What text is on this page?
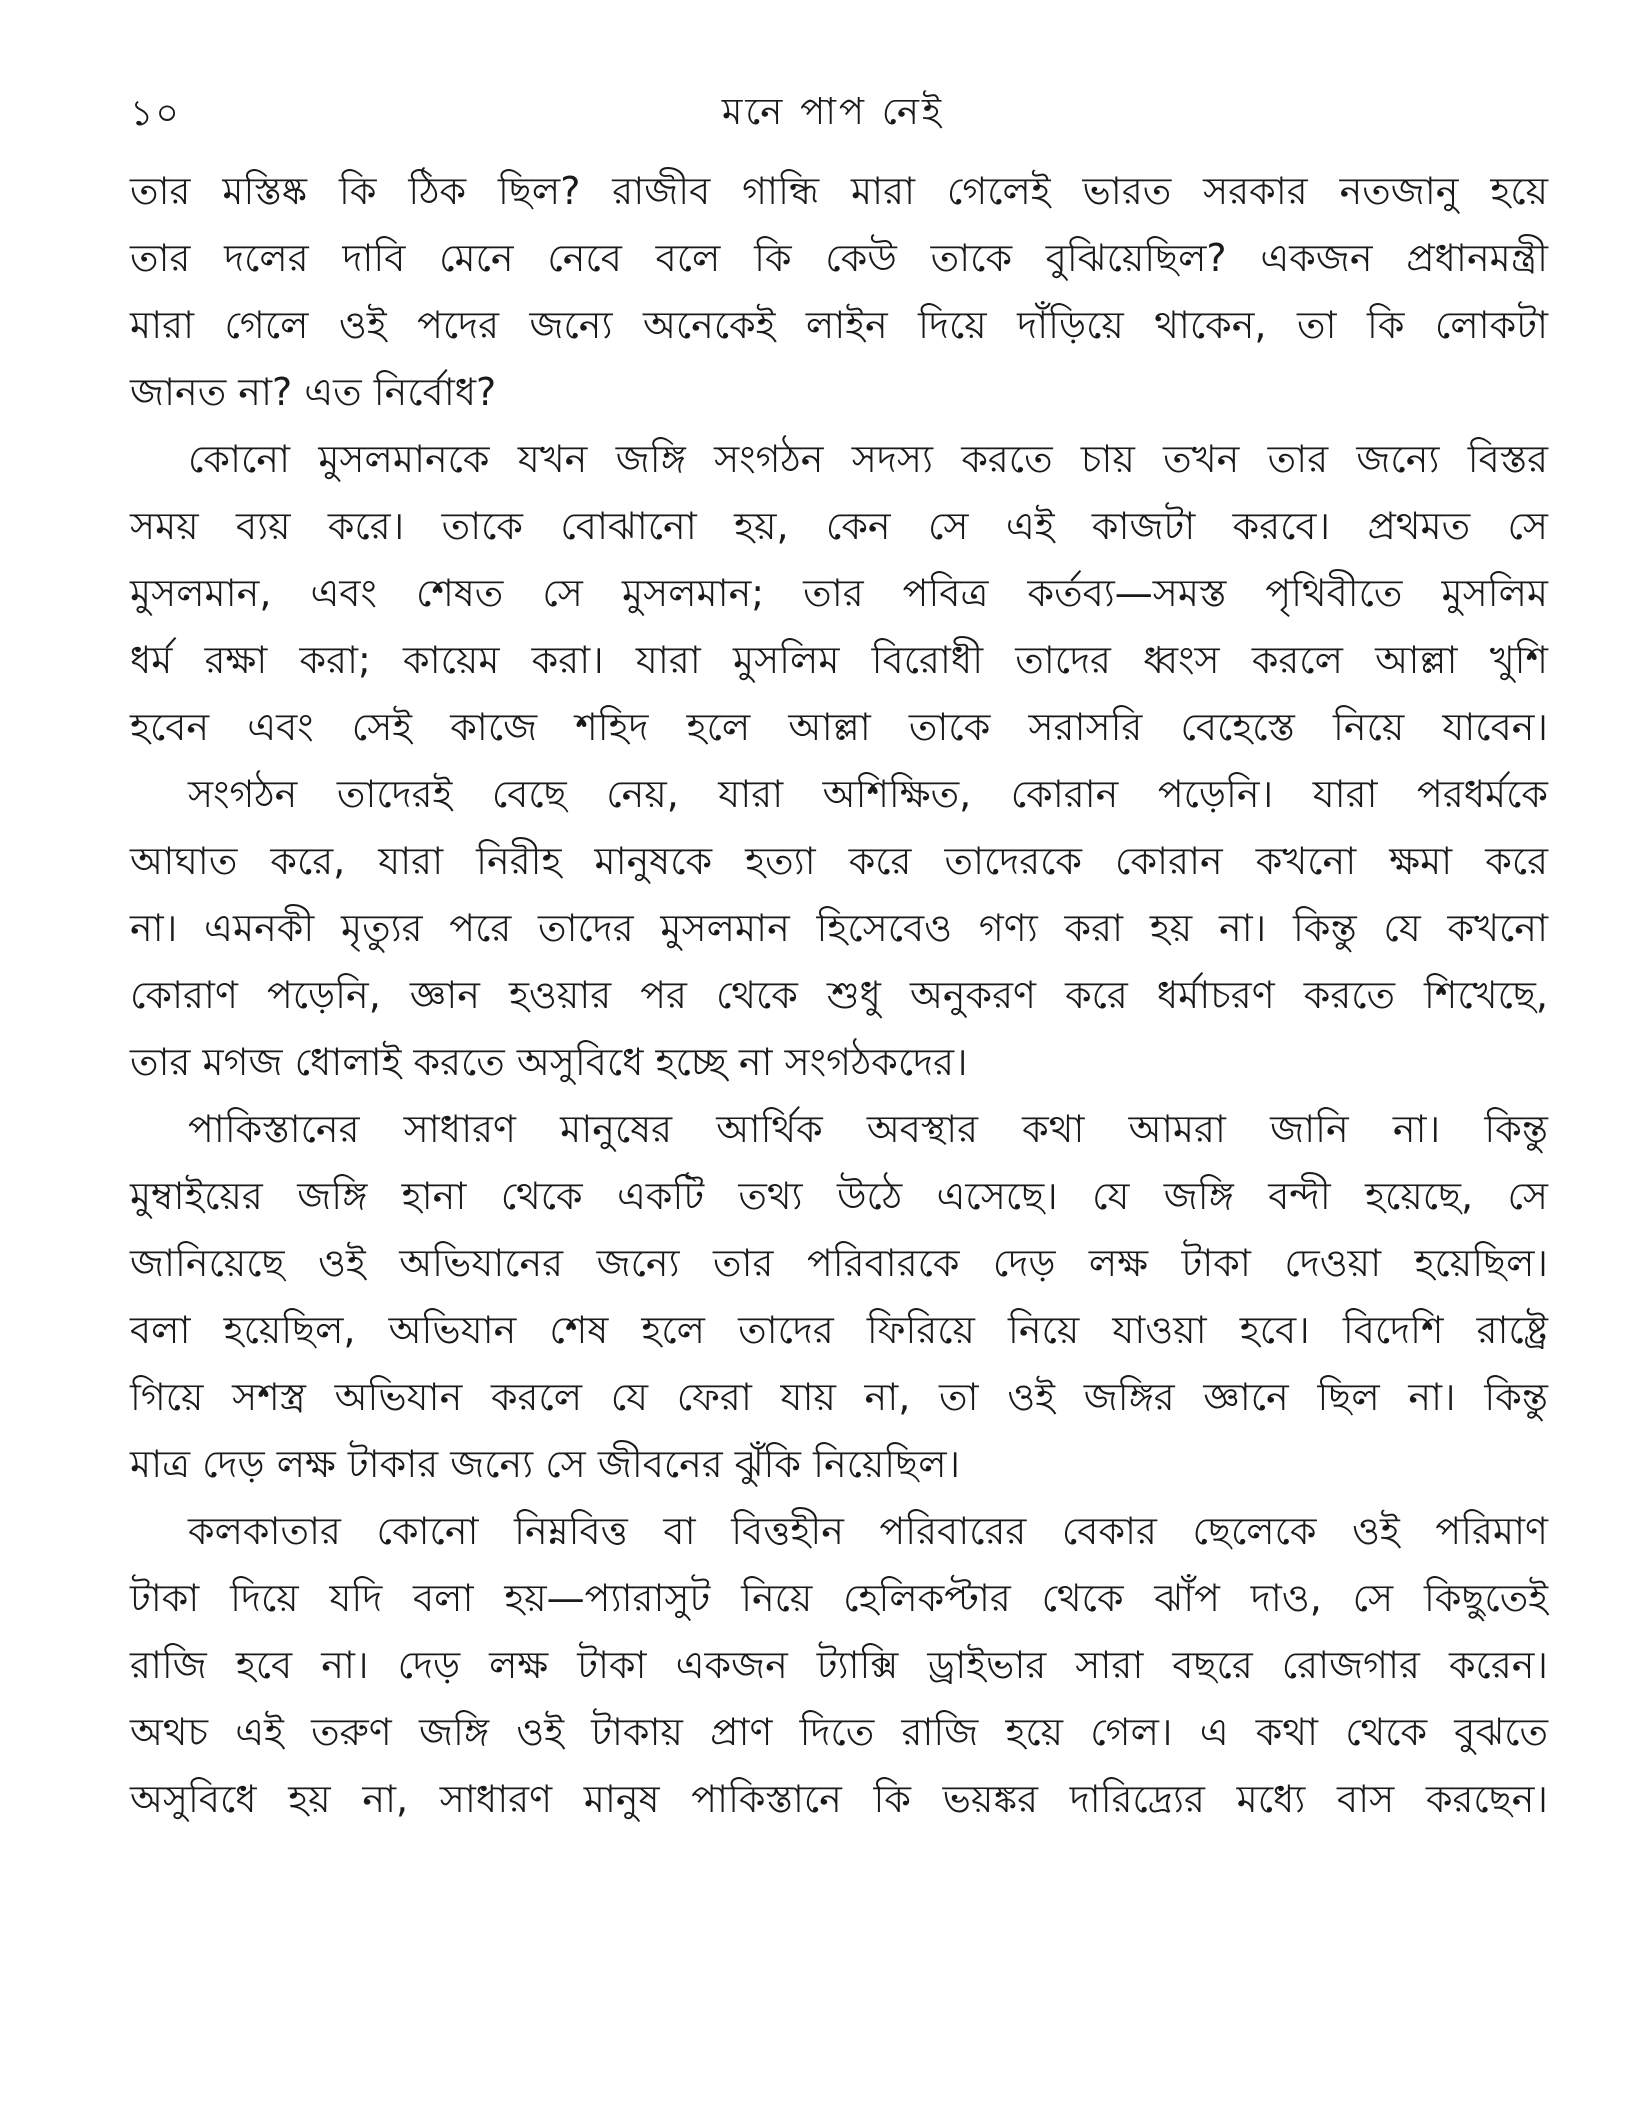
১০	মনে পাপ নেই

তার মস্তিষ্ক কি ঠিক ছিল? রাজীব গান্ধি মারা গেলেই ভারত সরকার নতজানু হয়ে
তার দলের দাবি মেনে নেবে বলে কি কেউ তাকে বুঝিয়েছিল? একজন প্রধানমন্ত্রী
মারা গেলে ওই পদের জন্যে অনেকেই লাইন দিয়ে দাঁড়িয়ে থাকেন, তা কি লোকটা
জানত না? এত নির্বোধ?

কোনো মুসলমানকে যখন জঙ্গি সংগঠন সদস্য করতে চায় তখন তার জন্যে বিস্তর
সময় ব্যয় করে। তাকে বোঝানো হয়, কেন সে এই কাজটা করবে। প্রথমত সে
মুসলমান, এবং শেষত সে মুসলমান; তার পবিত্র কর্তব্য—সমস্ত পৃথিবীতে মুসলিম
ধর্ম রক্ষা করা; কায়েম করা। যারা মুসলিম বিরোধী তাদের ধ্বংস করলে আল্লা খুশি
হবেন এবং সেই কাজে শহিদ হলে আল্লা তাকে সরাসরি বেহেস্তে নিয়ে যাবেন।

সংগঠন তাদেরই বেছে নেয়, যারা অশিক্ষিত, কোরান পড়েনি। যারা পরধর্মকে
আঘাত করে, যারা নিরীহ মানুষকে হত্যা করে তাদেরকে কোরান কখনো ক্ষমা করে
না। এমনকী মৃত্যুর পরে তাদের মুসলমান হিসেবেও গণ্য করা হয় না। কিন্তু যে কখনো
কোরাণ পড়েনি, জ্ঞান হওয়ার পর থেকে শুধু অনুকরণ করে ধর্মাচরণ করতে শিখেছে,
তার মগজ ধোলাই করতে অসুবিধে হচ্ছে না সংগঠকদের।

পাকিস্তানের সাধারণ মানুষের আর্থিক অবস্থার কথা আমরা জানি না। কিন্তু
মুম্বাইয়ের জঙ্গি হানা থেকে একটি তথ্য উঠে এসেছে। যে জঙ্গি বন্দী হয়েছে, সে
জানিয়েছে ওই অভিযানের জন্যে তার পরিবারকে দেড় লক্ষ টাকা দেওয়া হয়েছিল।
বলা হয়েছিল, অভিযান শেষ হলে তাদের ফিরিয়ে নিয়ে যাওয়া হবে। বিদেশি রাষ্ট্রে
গিয়ে সশস্ত্র অভিযান করলে যে ফেরা যায় না, তা ওই জঙ্গির জ্ঞানে ছিল না। কিন্তু
মাত্র দেড় লক্ষ টাকার জন্যে সে জীবনের ঝুঁকি নিয়েছিল।

কলকাতার কোনো নিম্নবিত্ত বা বিত্তহীন পরিবারের বেকার ছেলেকে ওই পরিমাণ
টাকা দিয়ে যদি বলা হয়—প্যারাসুট নিয়ে হেলিকপ্টার থেকে ঝাঁপ দাও, সে কিছুতেই
রাজি হবে না। দেড় লক্ষ টাকা একজন ট্যাক্সি ড্রাইভার সারা বছরে রোজগার করেন।
অথচ এই তরুণ জঙ্গি ওই টাকায় প্রাণ দিতে রাজি হয়ে গেল। এ কথা থেকে বুঝতে
অসুবিধে হয় না, সাধারণ মানুষ পাকিস্তানে কি ভয়ঙ্কর দারিদ্র্যের মধ্যে বাস করছেন।
